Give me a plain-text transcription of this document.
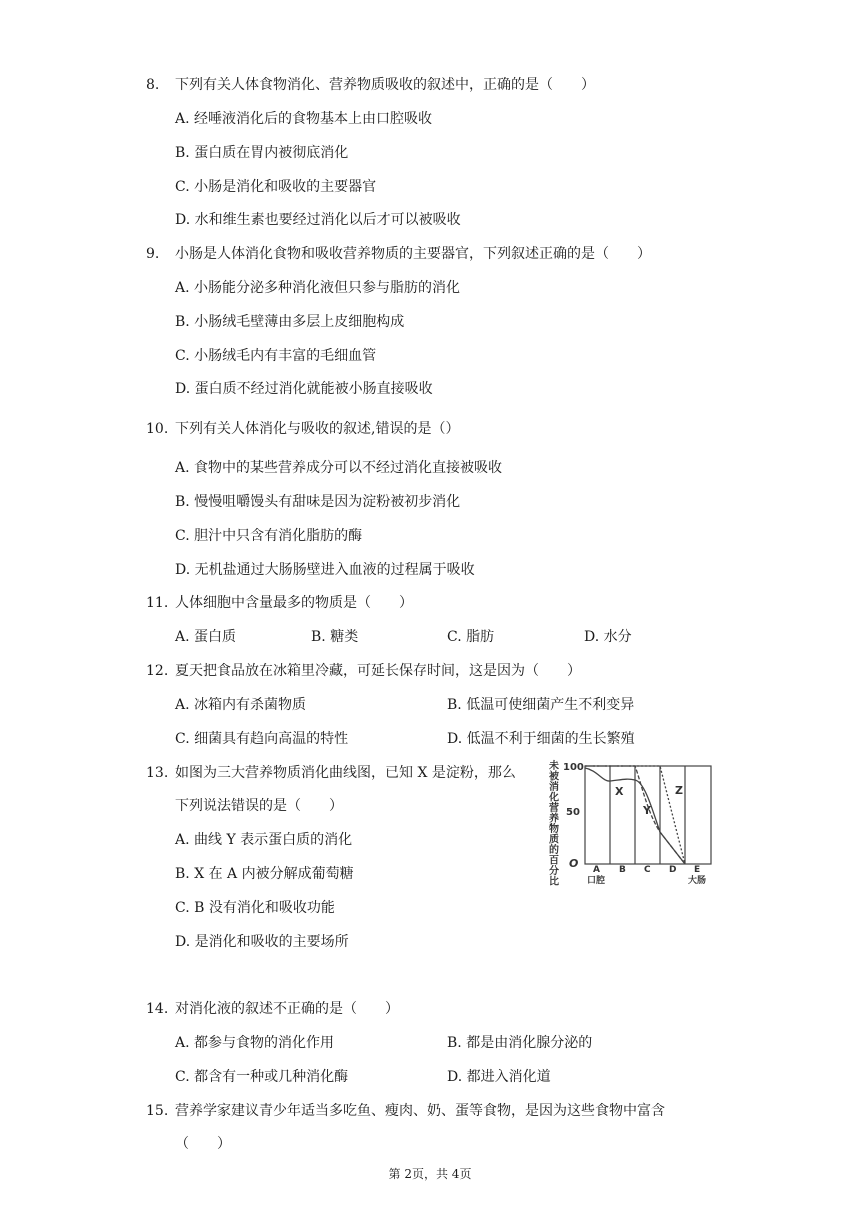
8. 下列有关人体食物消化、营养物质吸收的叙述中，正确的是（　　）
A. 经唾液消化后的食物基本上由口腔吸收
B. 蛋白质在胃内被彻底消化
C. 小肠是消化和吸收的主要器官
D. 水和维生素也要经过消化以后才可以被吸收
9. 小肠是人体消化食物和吸收营养物质的主要器官，下列叙述正确的是（　　）
A. 小肠能分泌多种消化液但只参与脂肪的消化
B. 小肠绒毛壁薄由多层上皮细胞构成
C. 小肠绒毛内有丰富的毛细血管
D. 蛋白质不经过消化就能被小肠直接吸收
10. 下列有关人体消化与吸收的叙述,错误的是（）
A. 食物中的某些营养成分可以不经过消化直接被吸收
B. 慢慢咀嚼馒头有甜味是因为淀粉被初步消化
C. 胆汁中只含有消化脂肪的酶
D. 无机盐通过大肠肠壁进入血液的过程属于吸收
11. 人体细胞中含量最多的物质是（　　）
A. 蛋白质	B. 糖类	C. 脂肪	D. 水分
12. 夏天把食品放在冰箱里冷藏，可延长保存时间，这是因为（　　）
A. 冰箱内有杀菌物质	B. 低温可使细菌产生不利变异
C. 细菌具有趋向高温的特性	D. 低温不利于细菌的生长繁殖
13. 如图为三大营养物质消化曲线图，已知 X 是淀粉，那么
下列说法错误的是（　　）
A. 曲线 Y 表示蛋白质的消化
B. X 在 A 内被分解成葡萄糖
C. B 没有消化和吸收功能
D. 是消化和吸收的主要场所
未被消化营养物质的百分比 100
50
O
X
Y
Z
A B C D E
口腔	大肠
14. 对消化液的叙述不正确的是（　　）
A. 都参与食物的消化作用	B. 都是由消化腺分泌的
C. 都含有一种或几种消化酶	D. 都进入消化道
15. 营养学家建议青少年适当多吃鱼、瘦肉、奶、蛋等食物，是因为这些食物中富含
（　　）
第 2页，共 4页
